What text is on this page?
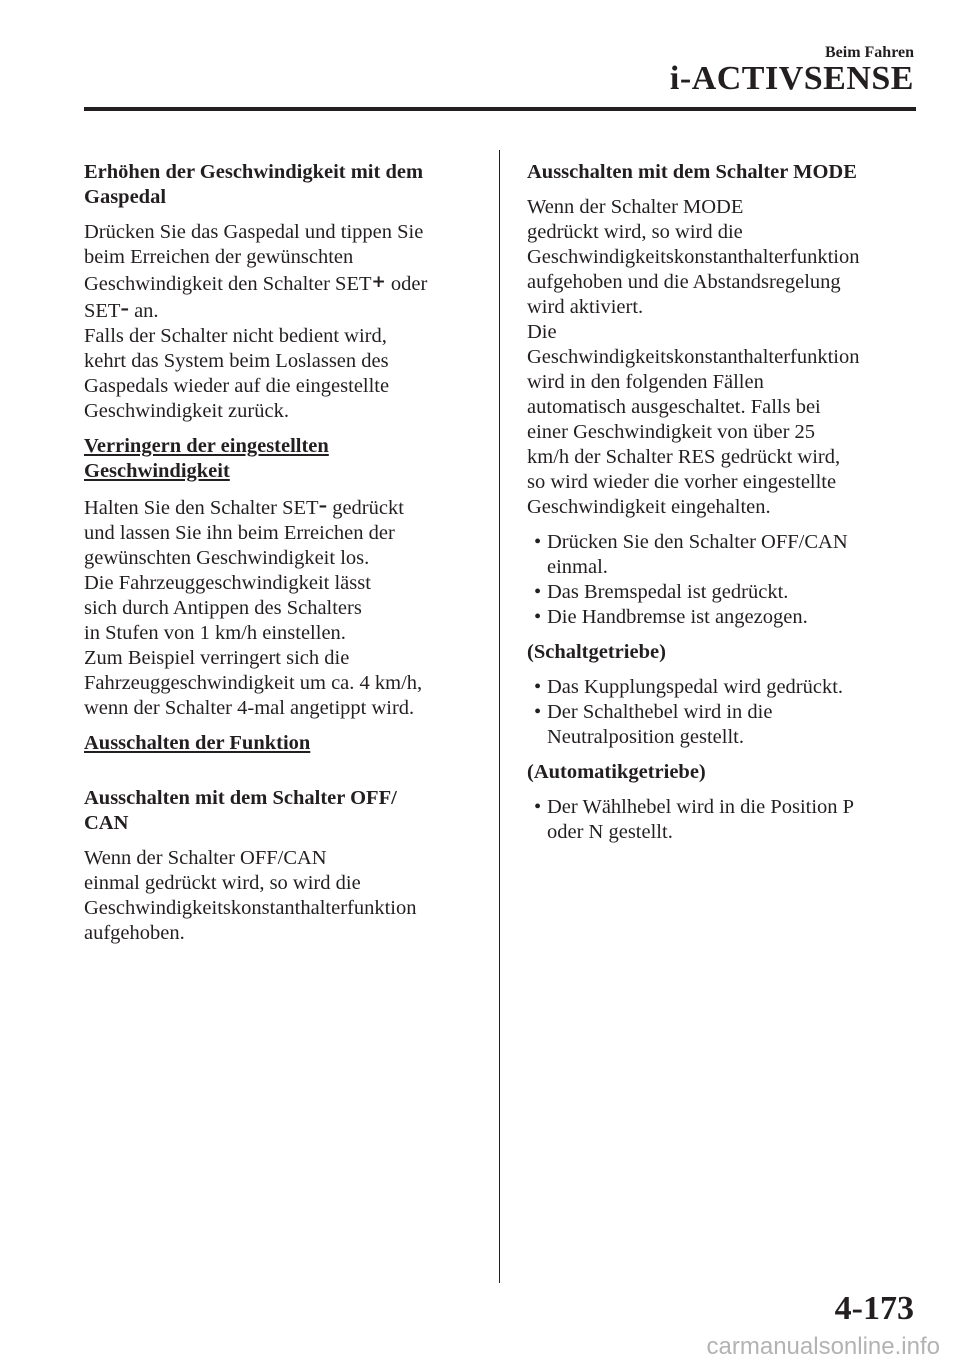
Beim Fahren
i-ACTIVSENSE
Erhöhen der Geschwindigkeit mit dem
Gaspedal
Drücken Sie das Gaspedal und tippen Sie
beim Erreichen der gewünschten
Geschwindigkeit den Schalter SET+ oder
SET– an.
Falls der Schalter nicht bedient wird,
kehrt das System beim Loslassen des
Gaspedals wieder auf die eingestellte
Geschwindigkeit zurück.
Verringern der eingestellten
Geschwindigkeit
Halten Sie den Schalter SET– gedrückt
und lassen Sie ihn beim Erreichen der
gewünschten Geschwindigkeit los.
Die Fahrzeuggeschwindigkeit lässt
sich durch Antippen des Schalters
in Stufen von 1 km/h einstellen.
Zum Beispiel verringert sich die
Fahrzeuggeschwindigkeit um ca. 4 km/h,
wenn der Schalter 4-mal angetippt wird.
Ausschalten der Funktion
Ausschalten mit dem Schalter OFF/
CAN
Wenn der Schalter OFF/CAN
einmal gedrückt wird, so wird die
Geschwindigkeitskonstanthalterfunktion
aufgehoben.
Ausschalten mit dem Schalter MODE
Wenn der Schalter MODE
gedrückt wird, so wird die
Geschwindigkeitskonstanthalterfunktion
aufgehoben und die Abstandsregelung
wird aktiviert.
Die
Geschwindigkeitskonstanthalterfunktion
wird in den folgenden Fällen
automatisch ausgeschaltet. Falls bei
einer Geschwindigkeit von über 25
km/h der Schalter RES gedrückt wird,
so wird wieder die vorher eingestellte
Geschwindigkeit eingehalten.
• Drücken Sie den Schalter OFF/CAN
einmal.
• Das Bremspedal ist gedrückt.
• Die Handbremse ist angezogen.
(Schaltgetriebe)
• Das Kupplungspedal wird gedrückt.
• Der Schalthebel wird in die
Neutralposition gestellt.
(Automatikgetriebe)
• Der Wählhebel wird in die Position P
oder N gestellt.
4-173
carmanualsonline.info
